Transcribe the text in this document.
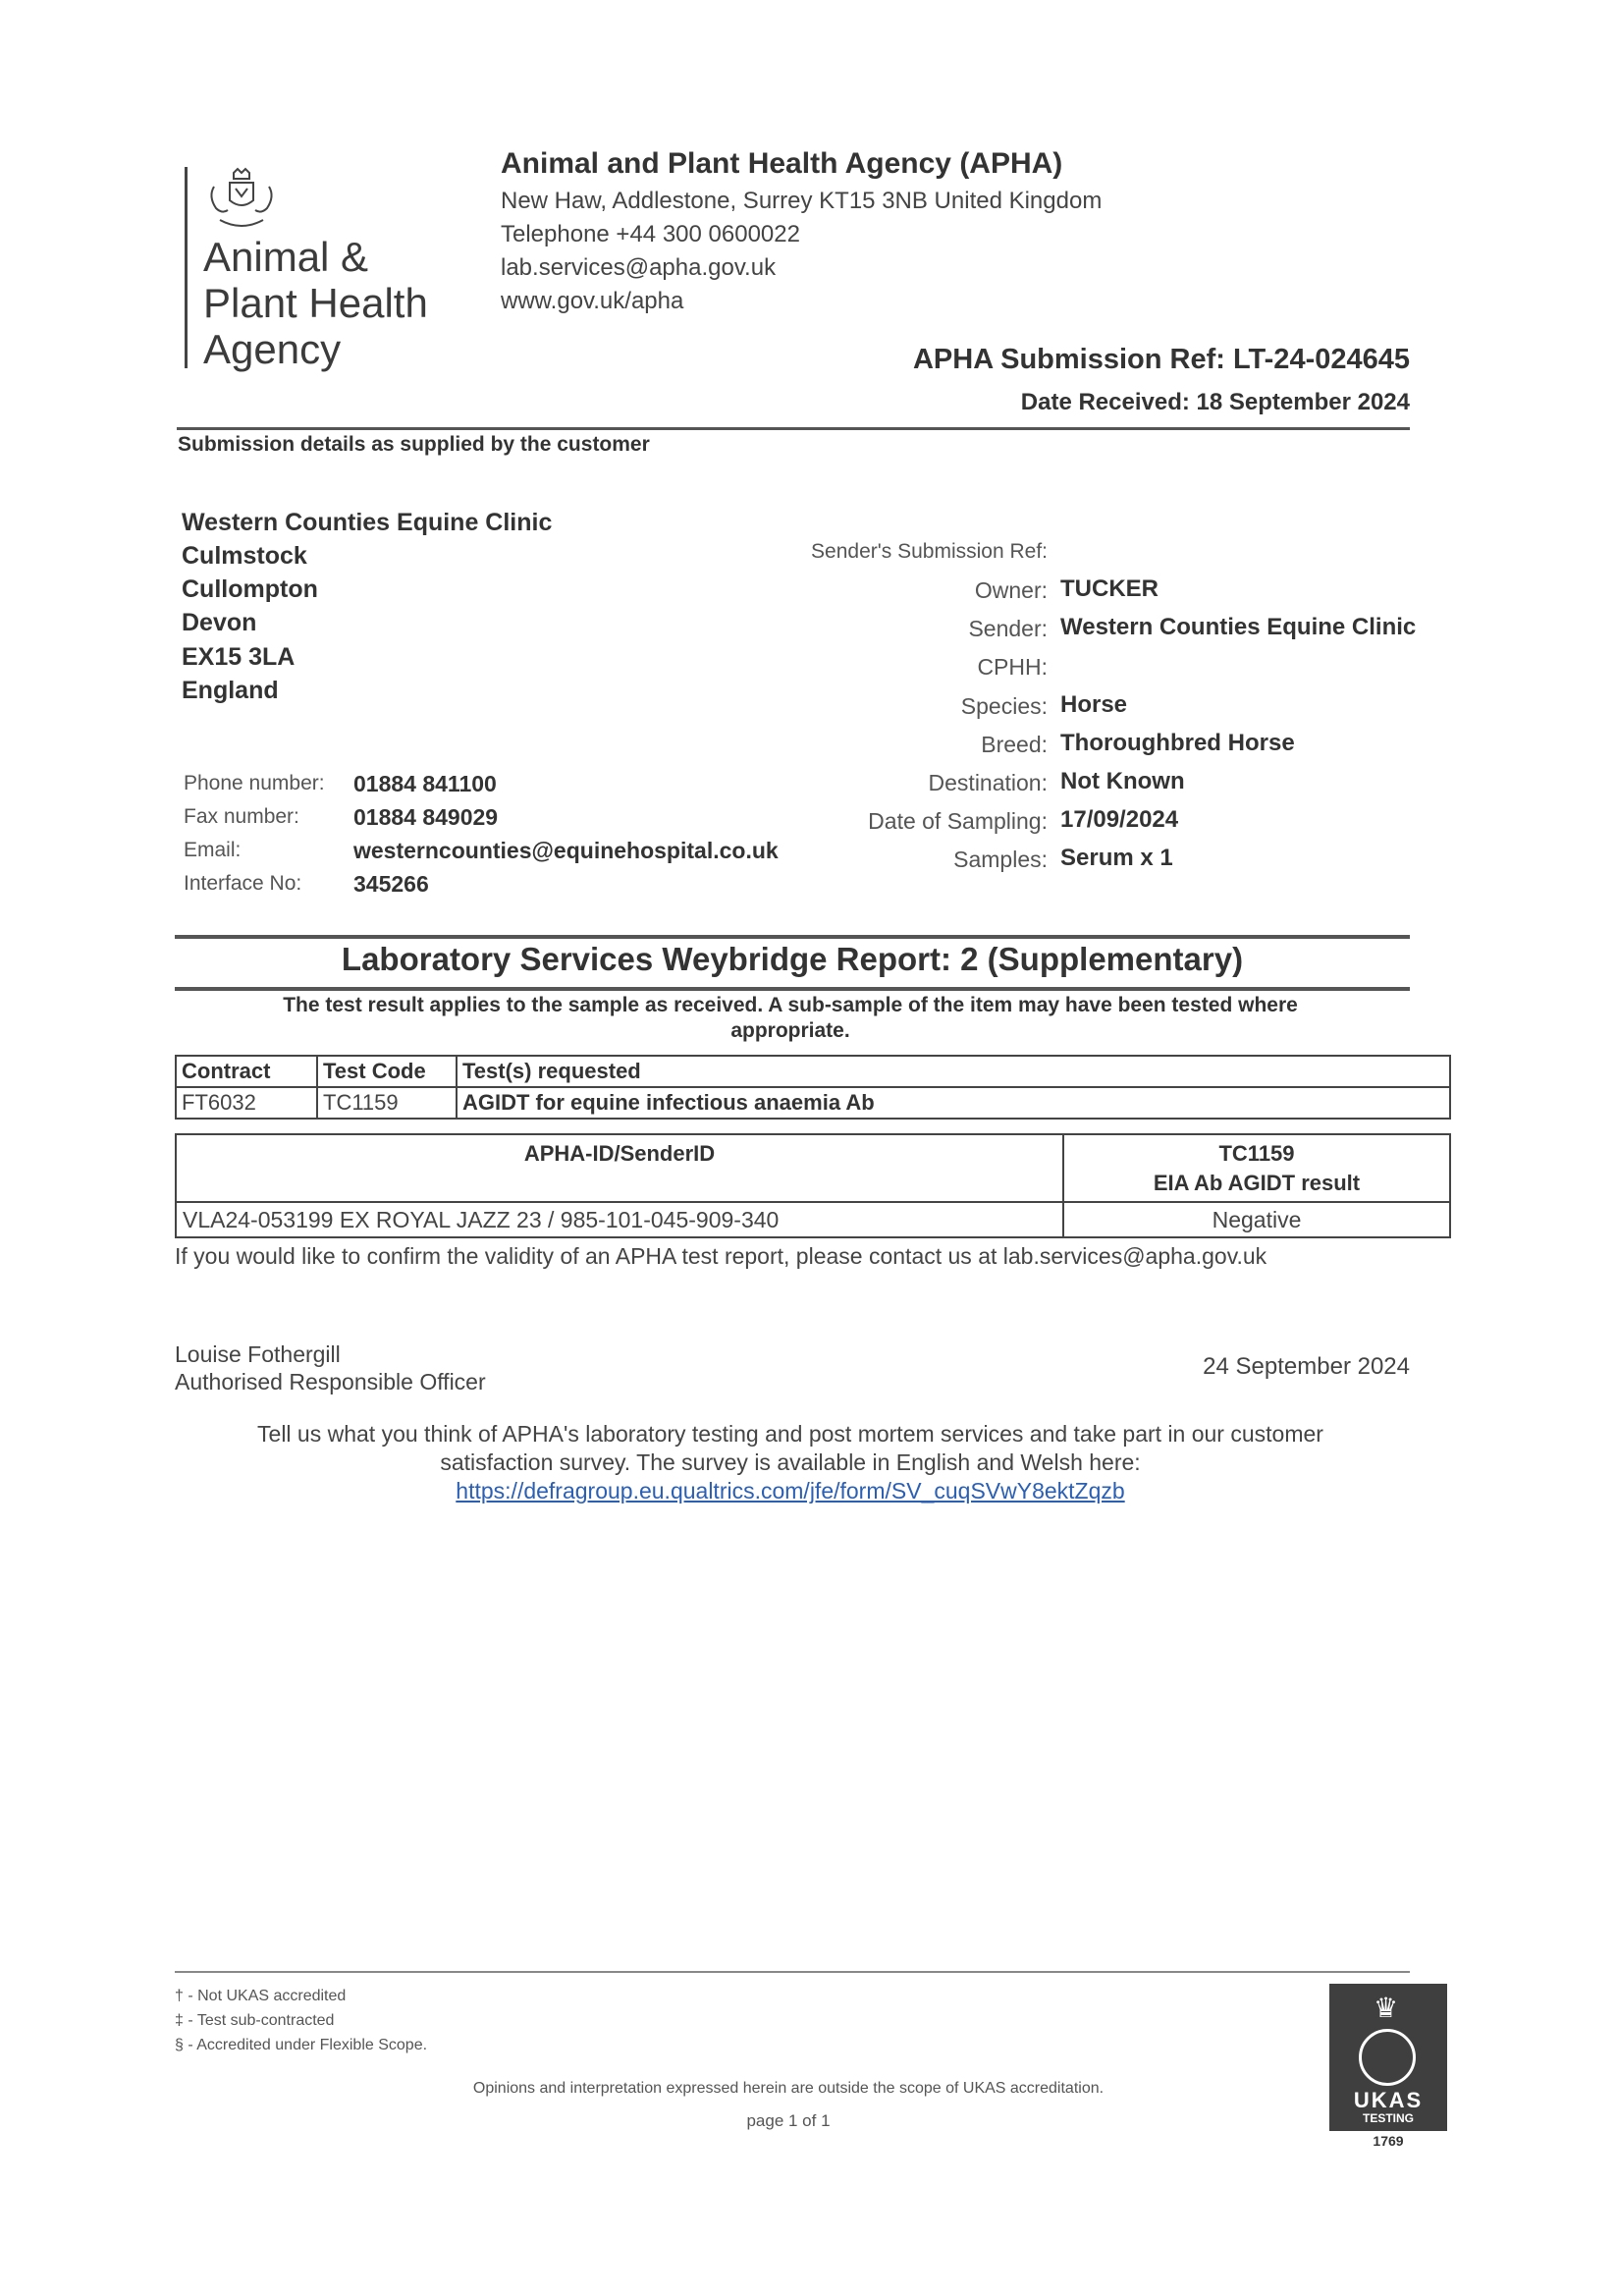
Animal &
Plant Health
Agency
Animal and Plant Health Agency (APHA)
New Haw, Addlestone, Surrey KT15 3NB United Kingdom
Telephone +44 300 0600022
lab.services@apha.gov.uk
www.gov.uk/apha
APHA Submission Ref: LT-24-024645
Date Received: 18 September 2024
Submission details as supplied by the customer
Western Counties Equine Clinic
Culmstock
Cullompton
Devon
EX15 3LA
England
Phone number: 01884 841100
Fax number: 01884 849029
Email:	westerncounties@equinehospital.co.uk
Interface No: 345266
Sender's Submission Ref:
Owner: TUCKER
Sender: Western Counties Equine Clinic
CPHH:
Species: Horse
Breed: Thoroughbred Horse
Destination: Not Known
Date of Sampling: 17/09/2024
Samples: Serum x 1
Laboratory Services Weybridge Report: 2 (Supplementary)
The test result applies to the sample as received. A sub-sample of the item may have been tested where appropriate.
Contract	Test Code	Test(s) requested
FT6032	TC1159	AGIDT for equine infectious anaemia Ab
APHA-ID/SenderID	TC1159
EIA Ab AGIDT result

VLA24-053199 EX ROYAL JAZZ 23 / 985-101-045-909-340	Negative
If you would like to confirm the validity of an APHA test report, please contact us at lab.services@apha.gov.uk
Louise Fothergill
Authorised Responsible Officer
24 September 2024
Tell us what you think of APHA's laboratory testing and post mortem services and take part in our customer
satisfaction survey. The survey is available in English and Welsh here:
https://defragroup.eu.qualtrics.com/jfe/form/SV_cuqSVwY8ektZqzb
† - Not UKAS accredited
‡ - Test sub-contracted
§ - Accredited under Flexible Scope.
Opinions and interpretation expressed herein are outside the scope of UKAS accreditation.
page 1 of 1
♛
UKAS
TESTING
1769
